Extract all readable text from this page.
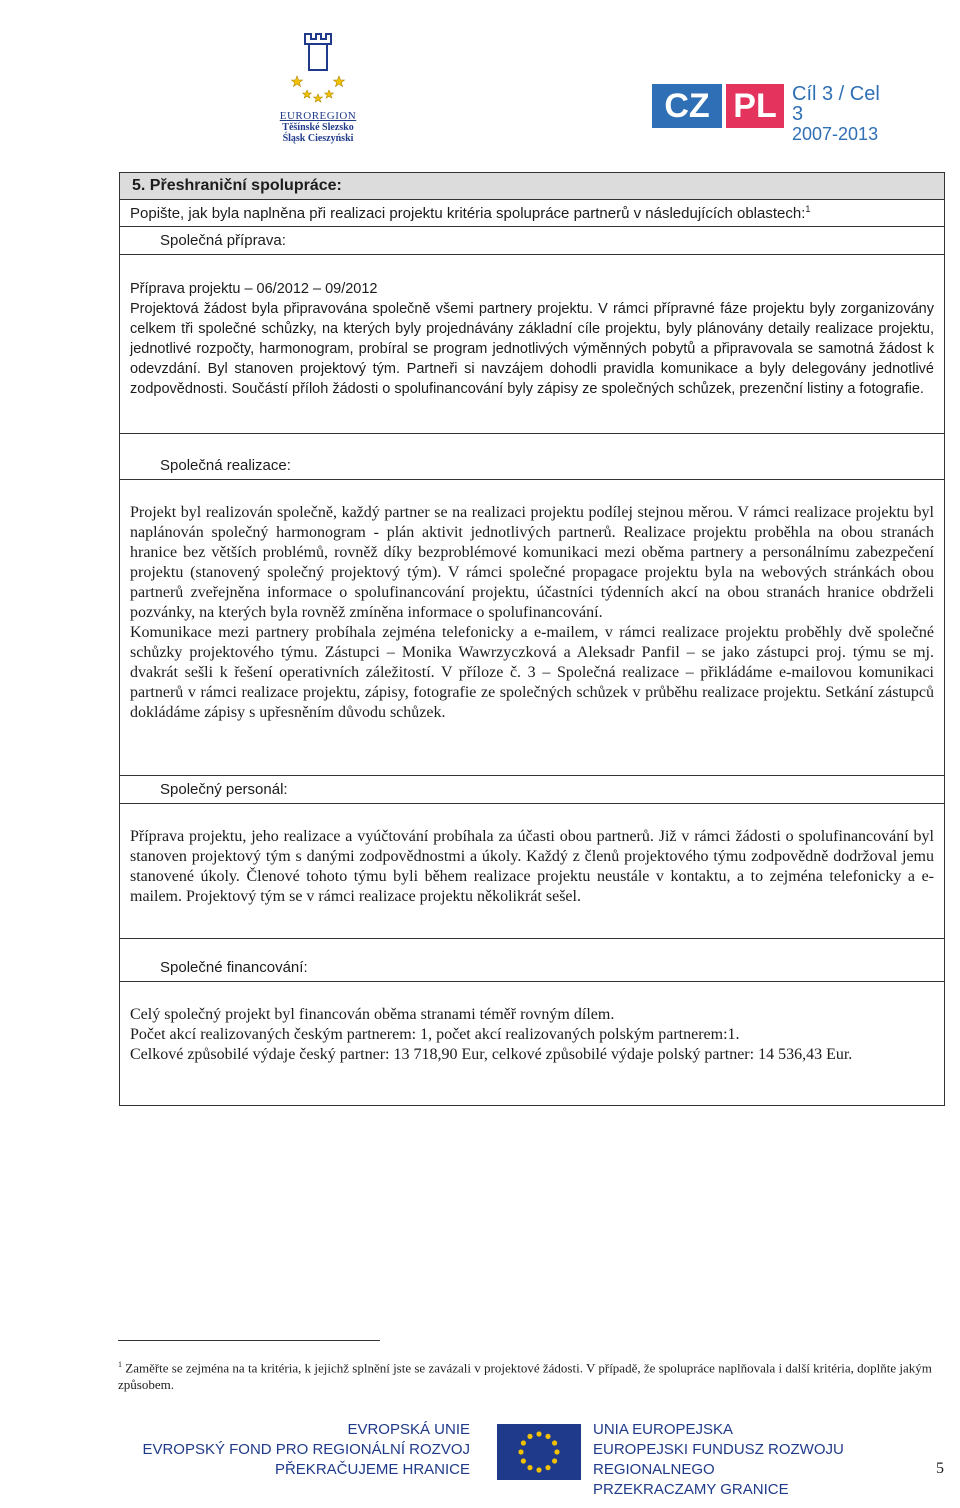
EUROREGION
Těšínské Slezsko
Śląsk Cieszyński
CZ PL Cíl 3 / Cel 3
2007-2013
5. Přeshraniční spolupráce:
Popište, jak byla naplněna při realizaci projektu kritéria spolupráce partnerů v následujících oblastech:$^1$
Společná příprava:

Příprava projektu – 06/2012 – 09/2012

Projektová žádost byla připravována společně všemi partnery projektu. V rámci přípravné fáze projektu byly zorganizovány celkem tři společné schůzky, na kterých byly projednávány základní cíle projektu, byly plánovány detaily realizace projektu, jednotlivé rozpočty, harmonogram, probíral se program jednotlivých výměnných pobytů a připravovala se samotná žádost k odevzdání. Byl stanoven projektový tým. Partneři si navzájem dohodli pravidla komunikace a byly delegovány jednotlivé zodpovědnosti. Součástí příloh žádosti o spolufinancování byly zápisy ze společných schůzek, prezenční listiny a fotografie.

Společná realizace:

Projekt byl realizován společně, každý partner se na realizaci projektu podílej stejnou měrou. V rámci realizace projektu byl naplánován společný harmonogram - plán aktivit jednotlivých partnerů. Realizace projektu proběhla na obou stranách hranice bez větších problémů, rovněž díky bezproblémové komunikaci mezi oběma partnery a personálnímu zabezpečení projektu (stanovený společný projektový tým). V rámci společné propagace projektu byla na webových stránkách obou partnerů zveřejněna informace o spolufinancování projektu, účastníci týdenních akcí na obou stranách hranice obdrželi pozvánky, na kterých byla rovněž zmíněna informace o spolufinancování.

Komunikace mezi partnery probíhala zejména telefonicky a e-mailem, v rámci realizace projektu proběhly dvě společné schůzky projektového týmu. Zástupci – Monika Wawrzyczková a Aleksadr Panfil – se jako zástupci proj. týmu se mj. dvakrát sešli k řešení operativních záležitostí. V příloze č. 3 – Společná realizace – přikládáme e-mailovou komunikaci partnerů v rámci realizace projektu, zápisy, fotografie ze společných schůzek v průběhu realizace projektu. Setkání zástupců dokládáme zápisy s upřesněním důvodu schůzek.

Společný personál:

Příprava projektu, jeho realizace a vyúčtování probíhala za účasti obou partnerů. Již v rámci žádosti o spolufinancování byl stanoven projektový tým s danými zodpovědnostmi a úkoly. Každý z členů projektového týmu zodpovědně dodržoval jemu stanovené úkoly. Členové tohoto týmu byli během realizace projektu neustále v kontaktu, a to zejména telefonicky a e-mailem. Projektový tým se v rámci realizace projektu několikrát sešel.

Společné financování:

Celý společný projekt byl financován oběma stranami téměř rovným dílem.

Počet akcí realizovaných českým partnerem: 1, počet akcí realizovaných polským partnerem:1.

Celkové způsobilé výdaje český partner: 13 718,90 Eur, celkové způsobilé výdaje polský partner: 14 536,43 Eur.

$^1$ Zaměřte se zejména na ta kritéria, k jejichž splnění jste se zavázali v projektové žádosti. V případě, že spolupráce naplňovala i další kritéria, doplňte jakým způsobem.
EVROPSKÁ UNIE
EVROPSKÝ FOND PRO REGIONÁLNÍ ROZVOJ
PŘEKRAČUJEME HRANICE
UNIA EUROPEJSKA
EUROPEJSKI FUNDUSZ ROZWOJU REGIONALNEGO
PRZEKRACZAMY GRANICE
5
